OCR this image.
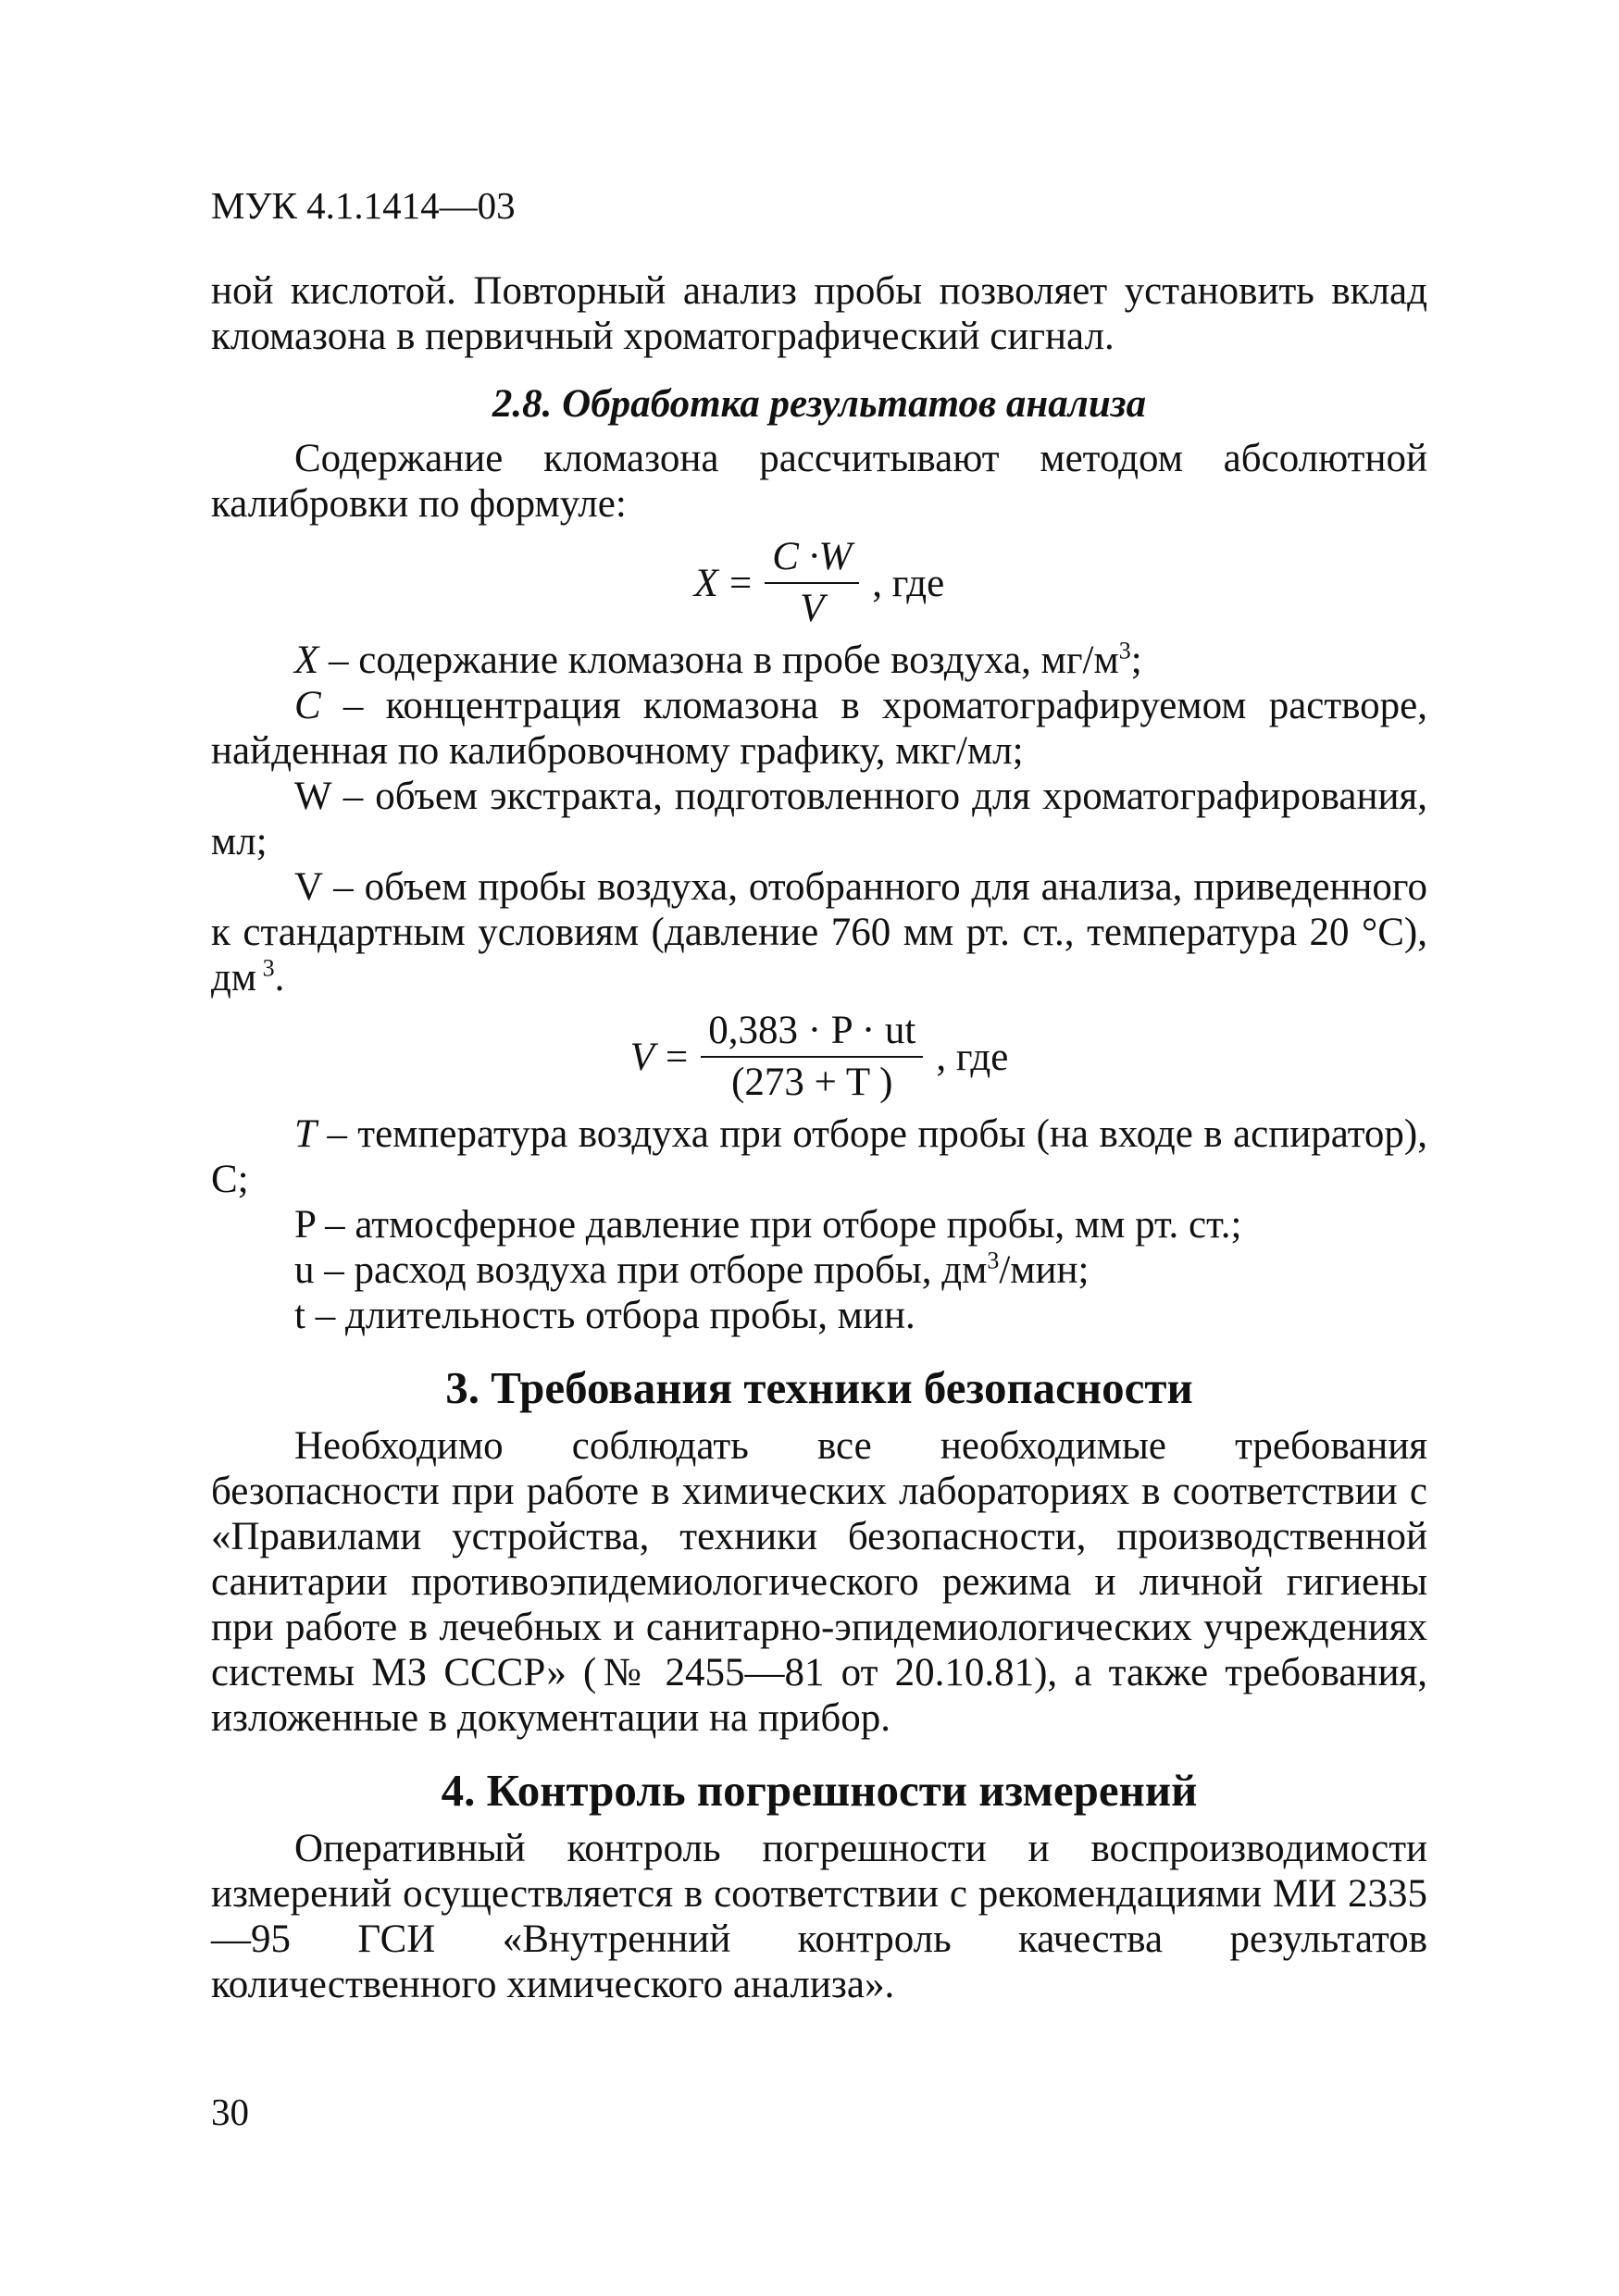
МУК 4.1.1414—03

ной кислотой. Повторный анализ пробы позволяет установить вклад кломазона в первичный хроматографический сигнал.

2.8. Обработка результатов анализа

Содержание кломазона рассчитывают методом абсолютной калибровки по формуле:

$X = \frac{C \cdot W}{V}$ , где

X – содержание кломазона в пробе воздуха, $мг/м^3$;

C – концентрация кломазона в хроматографируемом растворе, найденная по калибровочному графику, мкг/мл;

W – объем экстракта, подготовленного для хроматографирования, мл;

V – объем пробы воздуха, отобранного для анализа, приведенного к стандартным условиям (давление 760 мм рт. ст., температура 20 °С), дм $^3$.

$V = \frac{0,383 \cdot P \cdot ut}{(273 + T )}$ , где

T – температура воздуха при отборе пробы (на входе в аспиратор), С;

P – атмосферное давление при отборе пробы, мм рт. ст.;

u – расход воздуха при отборе пробы, $дм^3$/мин;

t – длительность отбора пробы, мин.

3. Требования техники безопасности

Необходимо соблюдать все необходимые требования безопасности при работе в химических лабораториях в соответствии с «Правилами устройства, техники безопасности, производственной санитарии противоэпидемиологического режима и личной гигиены при работе в лечебных и санитарно-эпидемиологических учреждениях системы МЗ СССР» (№ 2455—81 от 20.10.81), а также требования, изложенные в документации на прибор.

4. Контроль погрешности измерений

Оперативный контроль погрешности и воспроизводимости измерений осуществляется в соответствии с рекомендациями МИ 2335—95 ГСИ «Внутренний контроль качества результатов количественного химического анализа».

30
